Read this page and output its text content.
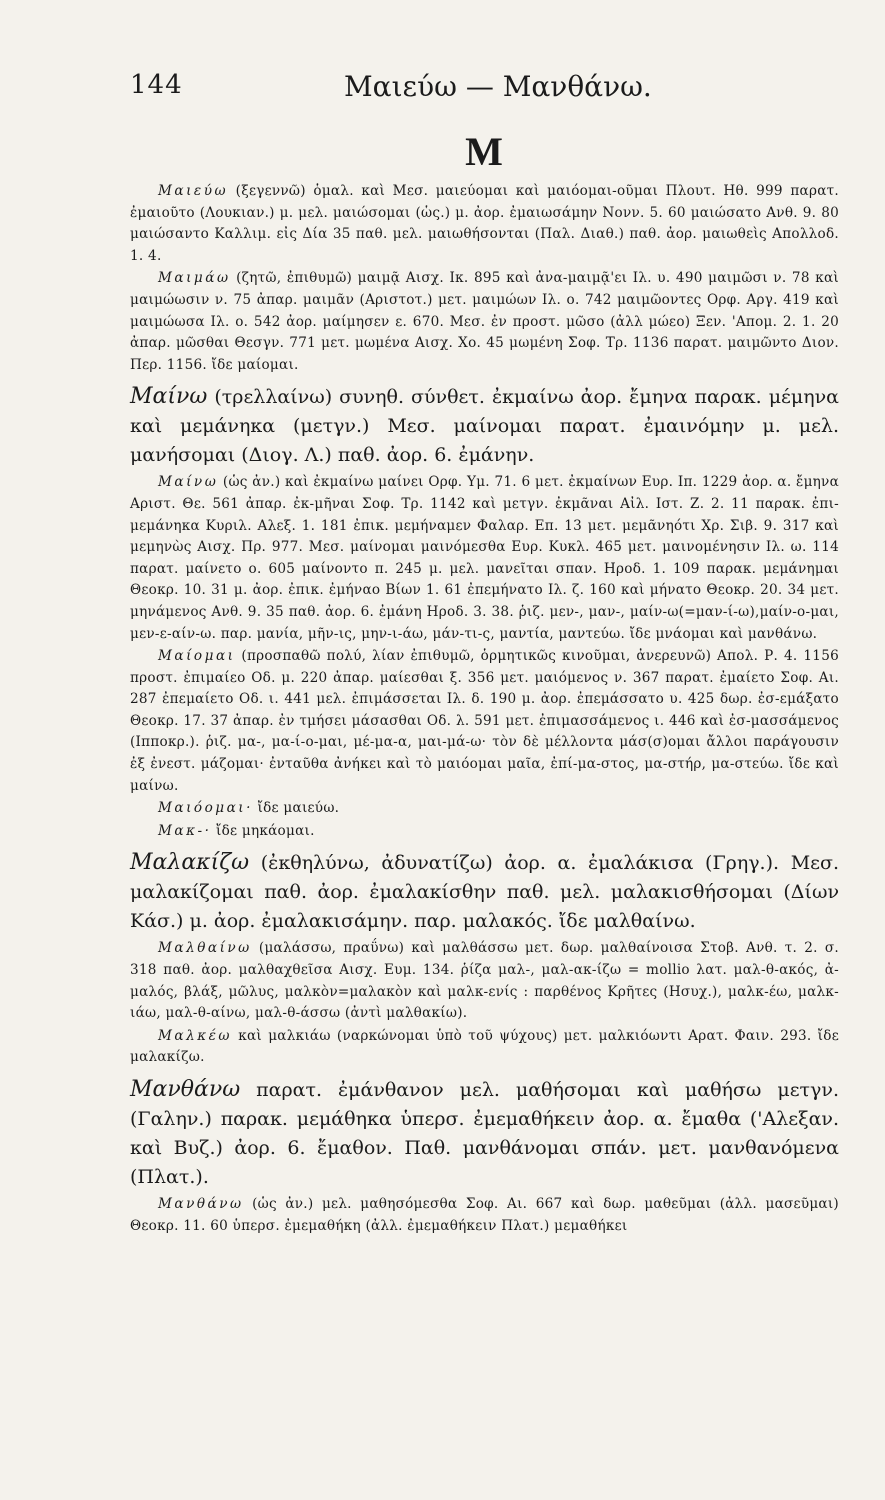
144	Μαιεύω — Μανθάνω.
Μ

Μαιεύω (ξεγεννῶ) ὁμαλ. καὶ Μεσ. μαιεύομαι καὶ μαιόομαι-οῦμαι Πλουτ. Ηθ. 999 παρατ. ἐμαιοῦτο (Λουκιαν.) μ. μελ. μαιώσομαι (ὡς.) μ. ἀορ. ἐμαιωσάμην Νονν. 5. 60 μαιώσατο Ανθ. 9. 80 μαιώσαντο Καλλιμ. εἰς Δία 35 παθ. μελ. μαιωθήσονται (Παλ. Διαθ.) παθ. ἀορ. μαιωθεὶς Απολλοδ. 1. 4.

Μαιμάω (ζητῶ, ἐπιθυμῶ) μαιμᾷ Αισχ. Ικ. 895 καὶ ἀνα-μαιμᾷ'ει Ιλ. υ. 490 μαιμῶσι ν. 78 καὶ μαιμώωσιν ν. 75 ἀπαρ. μαιμᾶν (Αριστοτ.) μετ. μαιμώων Ιλ. ο. 742 μαιμῶοντες Ορφ. Αργ. 419 καὶ μαιμώωσα Ιλ. ο. 542 ἀορ. μαίμησεν ε. 670. Μεσ. ἐν προστ. μῶσο (ἀλλ μώεο) Ξεν. 'Απομ. 2. 1. 20 ἀπαρ. μῶσθαι Θεσγν. 771 μετ. μωμένα Αισχ. Χο. 45 μωμένη Σοφ. Τρ. 1136 παρατ. μαιμῶντο Διον. Περ. 1156. ἴδε μαίομαι.

Μαίνω (τρελλαίνω) συνηθ. σύνθετ. ἐκμαίνω ἀορ. ἔμηνα παρακ. μέμηνα καὶ μεμάνηκα (μετγν.) Μεσ. μαίνομαι παρατ. ἐμαινόμην μ. μελ. μανήσομαι (Διογ. Λ.) παθ. ἀορ. 6. ἐμάνην.

Μαίνω (ὡς ἀν.) καὶ ἐκμαίνω μαίνει Ορφ. Υμ. 71. 6 μετ. ἐκμαίνων Ευρ. Ιπ. 1229 ἀορ. α. ἔμηνα Αριστ. Θε. 561 ἀπαρ. ἐκ-μῆναι Σοφ. Τρ. 1142 καὶ μετγν. ἐκμᾶναι Αἰλ. Ιστ. Ζ. 2. 11 παρακ. ἐπι-μεμάνηκα Κυριλ. Αλεξ. 1. 181 ἐπικ. μεμήναμεν Φαλαρ. Επ. 13 μετ. μεμᾶνηότι Χρ. Σιβ. 9. 317 καὶ μεμηνὼς Αισχ. Πρ. 977. Μεσ. μαίνομαι μαινόμεσθα Ευρ. Κυκλ. 465 μετ. μαινομένησιν Ιλ. ω. 114 παρατ. μαίνετο ο. 605 μαίνοντο π. 245 μ. μελ. μανεῖται σπαν. Ηροδ. 1. 109 παρακ. μεμάνημαι Θεοκρ. 10. 31 μ. ἀορ. ἐπικ. ἐμήναο Βίων 1. 61 ἐπεμήνατο Ιλ. ζ. 160 καὶ μήνατο Θεοκρ. 20. 34 μετ. μηνάμενος Ανθ. 9. 35 παθ. ἀορ. 6. ἐμάνη Ηροδ. 3. 38. ῥιζ. μεν-, μαν-, μαίν-ω(=μαν-ί-ω),μαίν-ο-μαι, μεν-ε-αίν-ω. παρ. μανία, μῆν-ις, μην-ι-άω, μάν-τι-ς, μαντία, μαντεύω. ἴδε μνάομαι καὶ μανθάνω.

Μαίομαι (προσπαθῶ πολύ, λίαν ἐπιθυμῶ, ὁρμητικῶς κινοῦμαι, ἀνερευνῶ) Απολ. Ρ. 4. 1156 προστ. ἐπιμαίεο Οδ. μ. 220 ἀπαρ. μαίεσθαι ξ. 356 μετ. μαιόμενος ν. 367 παρατ. ἐμαίετο Σοφ. Αι. 287 ἐπεμαίετο Οδ. ι. 441 μελ. ἐπιμάσσεται Ιλ. δ. 190 μ. ἀορ. ἐπεμάσσατο υ. 425 δωρ. ἐσ-εμάξατο Θεοκρ. 17. 37 ἀπαρ. ἐν τμήσει μάσασθαι Οδ. λ. 591 μετ. ἐπιμασσάμενος ι. 446 καὶ ἐσ-μασσάμενος (Ιπποκρ.). ῥιζ. μα-, μα-ί-ο-μαι, μέ-μα-α, μαι-μά-ω· τὸν δὲ μέλλοντα μάσ(σ)ομαι ἄλλοι παράγουσιν ἐξ ἐνεστ. μάζομαι· ἐνταῦθα ἀνήκει καὶ τὸ μαιόομαι μαῖα, ἐπί-μα-στος, μα-στήρ, μα-στεύω. ἴδε καὶ μαίνω.

Μαιόομαι· ἴδε μαιεύω.

Μακ-· ἴδε μηκάομαι.

Μαλακίζω (ἐκθηλύνω, ἀδυνατίζω) ἀορ. α. ἐμαλάκισα (Γρηγ.). Μεσ. μαλακίζομαι παθ. ἀορ. ἐμαλακίσθην παθ. μελ. μαλακισθήσομαι (Δίων Κάσ.) μ. ἀορ. ἐμαλακισάμην. παρ. μαλακός. ἴδε μαλθαίνω.

Μαλθαίνω (μαλάσσω, πραΰνω) καὶ μαλθάσσω μετ. δωρ. μαλθαίνοισα Στοβ. Ανθ. τ. 2. σ. 318 παθ. ἀορ. μαλθαχθεῖσα Αισχ. Ευμ. 134. ῥίζα μαλ-, μαλ-ακ-ίζω = mollio λατ. μαλ-θ-ακός, ἀ-μαλός, βλάξ, μῶλυς, μαλκὸν=μαλακὸν καὶ μαλκ-ενίς : παρθένος Κρῆτες (Ησυχ.), μαλκ-έω, μαλκ-ιάω, μαλ-θ-αίνω, μαλ-θ-άσσω (ἀντὶ μαλθακίω).

Μαλκέω καὶ μαλκιάω (ναρκώνομαι ὑπὸ τοῦ ψύχους) μετ. μαλκιόωντι Αρατ. Φαιν. 293. ἴδε μαλακίζω.

Μανθάνω παρατ. ἐμάνθανον μελ. μαθήσομαι καὶ μαθήσω μετγν. (Γαλην.) παρακ. μεμάθηκα ὑπερσ. ἐμεμαθήκειν ἀορ. α. ἔμαθα ('Αλεξαν. καὶ Βυζ.) ἀορ. 6. ἔμαθον. Παθ. μανθάνομαι σπάν. μετ. μανθανόμενα (Πλατ.).

Μανθάνω (ὡς ἀν.) μελ. μαθησόμεσθα Σοφ. Αι. 667 καὶ δωρ. μαθεῦμαι (ἀλλ. μασεῦμαι) Θεοκρ. 11. 60 ὑπερσ. ἐμεμαθήκη (ἀλλ. ἐμεμαθήκειν Πλατ.) μεμαθήκει
